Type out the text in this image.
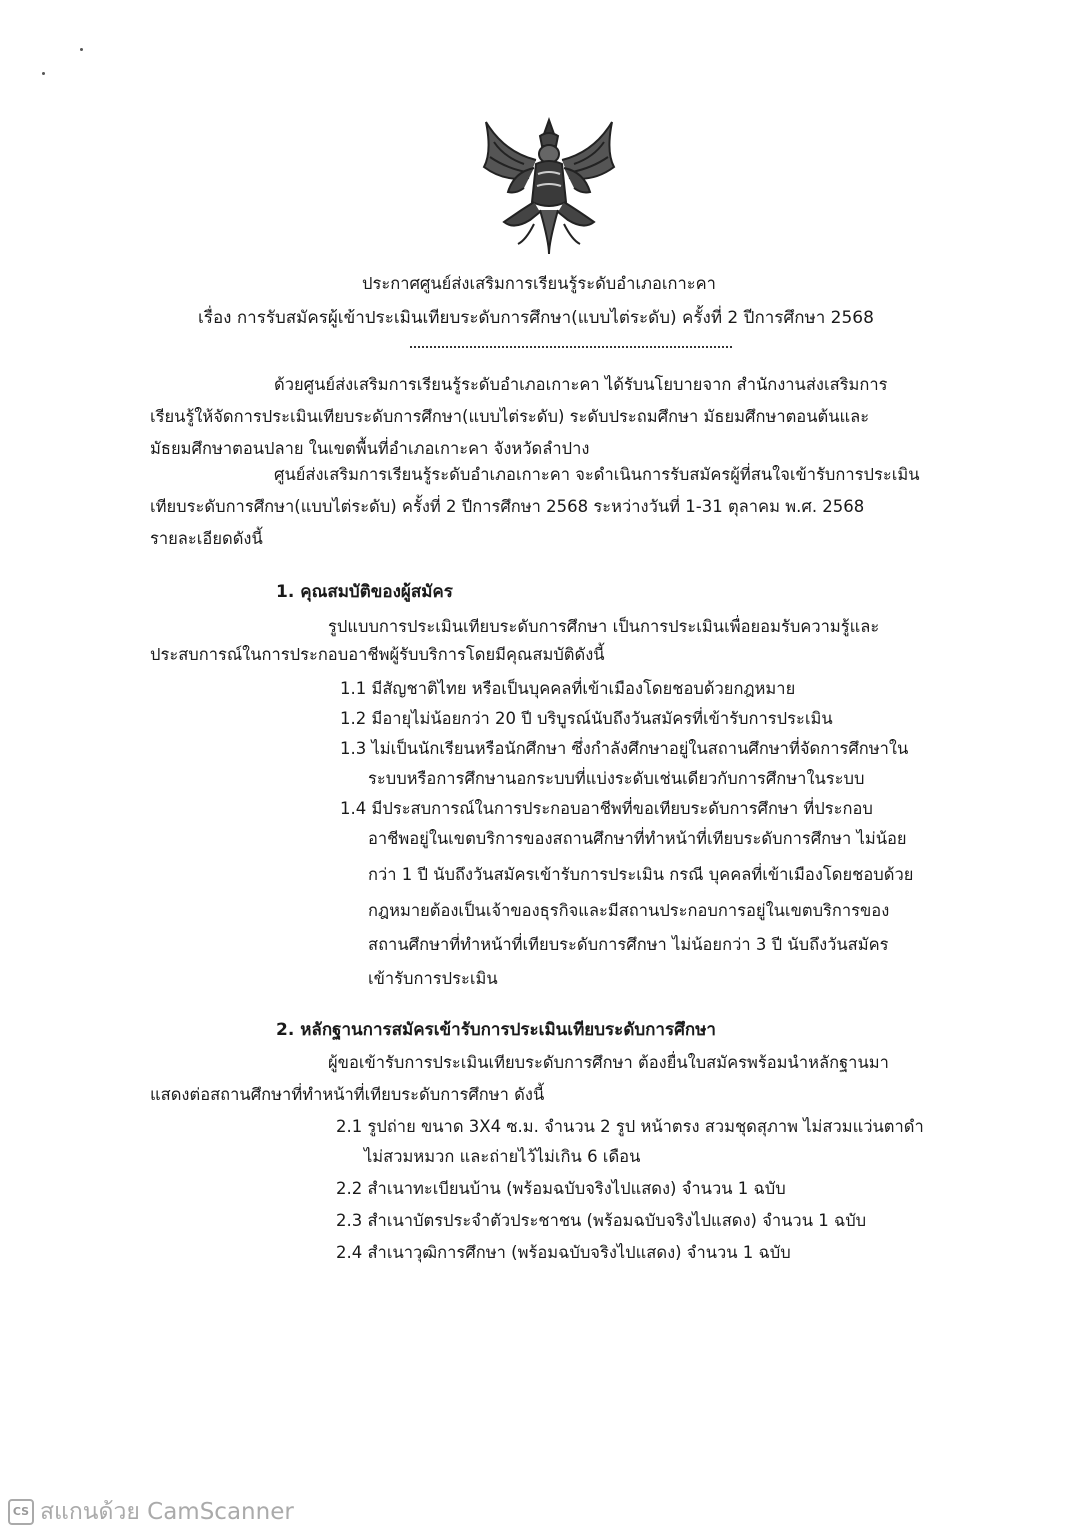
ประกาศศูนย์ส่งเสริมการเรียนรู้ระดับอำเภอเกาะคา
เรื่อง การรับสมัครผู้เข้าประเมินเทียบระดับการศึกษา(แบบไต่ระดับ) ครั้งที่ 2 ปีการศึกษา 2568
ด้วยศูนย์ส่งเสริมการเรียนรู้ระดับอำเภอเกาะคา ได้รับนโยบายจาก สำนักงานส่งเสริมการ
เรียนรู้ให้จัดการประเมินเทียบระดับการศึกษา(แบบไต่ระดับ) ระดับประถมศึกษา มัธยมศึกษาตอนต้นและ
มัธยมศึกษาตอนปลาย ในเขตพื้นที่อำเภอเกาะคา จังหวัดลำปาง
ศูนย์ส่งเสริมการเรียนรู้ระดับอำเภอเกาะคา จะดำเนินการรับสมัครผู้ที่สนใจเข้ารับการประเมิน
เทียบระดับการศึกษา(แบบไต่ระดับ) ครั้งที่ 2 ปีการศึกษา 2568 ระหว่างวันที่ 1-31 ตุลาคม พ.ศ. 2568
รายละเอียดดังนี้
1. คุณสมบัติของผู้สมัคร
รูปแบบการประเมินเทียบระดับการศึกษา เป็นการประเมินเพื่อยอมรับความรู้และ
ประสบการณ์ในการประกอบอาชีพผู้รับบริการโดยมีคุณสมบัติดังนี้
1.1 มีสัญชาติไทย หรือเป็นบุคคลที่เข้าเมืองโดยชอบด้วยกฎหมาย
1.2 มีอายุไม่น้อยกว่า 20 ปี บริบูรณ์นับถึงวันสมัครที่เข้ารับการประเมิน
1.3 ไม่เป็นนักเรียนหรือนักศึกษา ซึ่งกำลังศึกษาอยู่ในสถานศึกษาที่จัดการศึกษาใน
ระบบหรือการศึกษานอกระบบที่แบ่งระดับเช่นเดียวกับการศึกษาในระบบ
1.4 มีประสบการณ์ในการประกอบอาชีพที่ขอเทียบระดับการศึกษา ที่ประกอบ
อาชีพอยู่ในเขตบริการของสถานศึกษาที่ทำหน้าที่เทียบระดับการศึกษา ไม่น้อย
กว่า 1 ปี นับถึงวันสมัครเข้ารับการประเมิน กรณี บุคคลที่เข้าเมืองโดยชอบด้วย
กฎหมายต้องเป็นเจ้าของธุรกิจและมีสถานประกอบการอยู่ในเขตบริการของ
สถานศึกษาที่ทำหน้าที่เทียบระดับการศึกษา ไม่น้อยกว่า 3 ปี นับถึงวันสมัคร
เข้ารับการประเมิน
2. หลักฐานการสมัครเข้ารับการประเมินเทียบระดับการศึกษา
ผู้ขอเข้ารับการประเมินเทียบระดับการศึกษา ต้องยื่นใบสมัครพร้อมนำหลักฐานมา
แสดงต่อสถานศึกษาที่ทำหน้าที่เทียบระดับการศึกษา ดังนี้
2.1 รูปถ่าย ขนาด 3X4 ซ.ม. จำนวน 2 รูป หน้าตรง สวมชุดสุภาพ ไม่สวมแว่นตาดำ
ไม่สวมหมวก และถ่ายไว้ไม่เกิน 6 เดือน
2.2 สำเนาทะเบียนบ้าน (พร้อมฉบับจริงไปแสดง) จำนวน 1 ฉบับ
2.3 สำเนาบัตรประจำตัวประชาชน (พร้อมฉบับจริงไปแสดง) จำนวน 1 ฉบับ
2.4 สำเนาวุฒิการศึกษา (พร้อมฉบับจริงไปแสดง) จำนวน 1 ฉบับ
CS สแกนด้วย CamScanner
